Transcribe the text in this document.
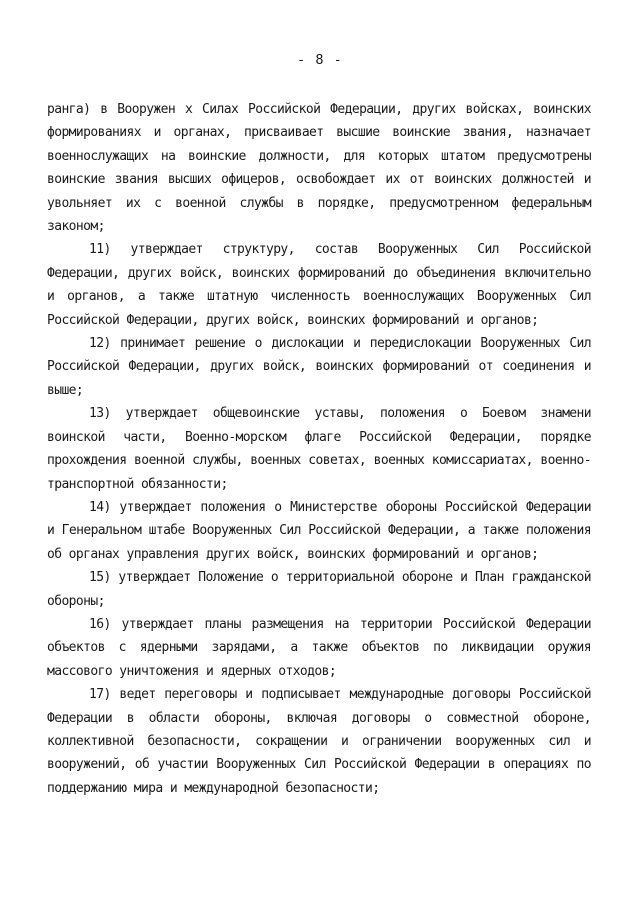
- 8 -

ранга) в Вооружен х Силах Российской Федерации, других войсках, воинских формированиях и органах, присваивает высшие воинские звания, назначает военнослужащих на воинские должности, для которых штатом предусмотрены воинские звания высших офицеров, освобождает их от воинских должностей и увольняет их с военной службы в порядке, предусмотренном федеральным законом;

11) утверждает структуру, состав Вооруженных Сил Российской Федерации, других войск, воинских формирований до объединения включительно и органов, а также штатную численность военнослужащих Вооруженных Сил Российской Федерации, других войск, воинских формирований и органов;

12) принимает решение о дислокации и передислокации Вооруженных Сил Российской Федерации, других войск, воинских формирований от соединения и выше;

13) утверждает общевоинские уставы, положения о Боевом знамени воинской части, Военно-морском флаге Российской Федерации, порядке прохождения военной службы, военных советах, военных комиссариатах, военно-транспортной обязанности;

14) утверждает положения о Министерстве обороны Российской Федерации и Генеральном штабе Вооруженных Сил Российской Федерации, а также положения об органах управления других войск, воинских формирований и органов;

15) утверждает Положение о территориальной обороне и План гражданской обороны;

16) утверждает планы размещения на территории Российской Федерации объектов с ядерными зарядами, а также объектов по ликвидации оружия массового уничтожения и ядерных отходов;

17) ведет переговоры и подписывает международные договоры Российской Федерации в области обороны, включая договоры о совместной обороне, коллективной безопасности, сокращении и ограничении вооруженных сил и вооружений, об участии Вооруженных Сил Российской Федерации в операциях по поддержанию мира и международной безопасности;
